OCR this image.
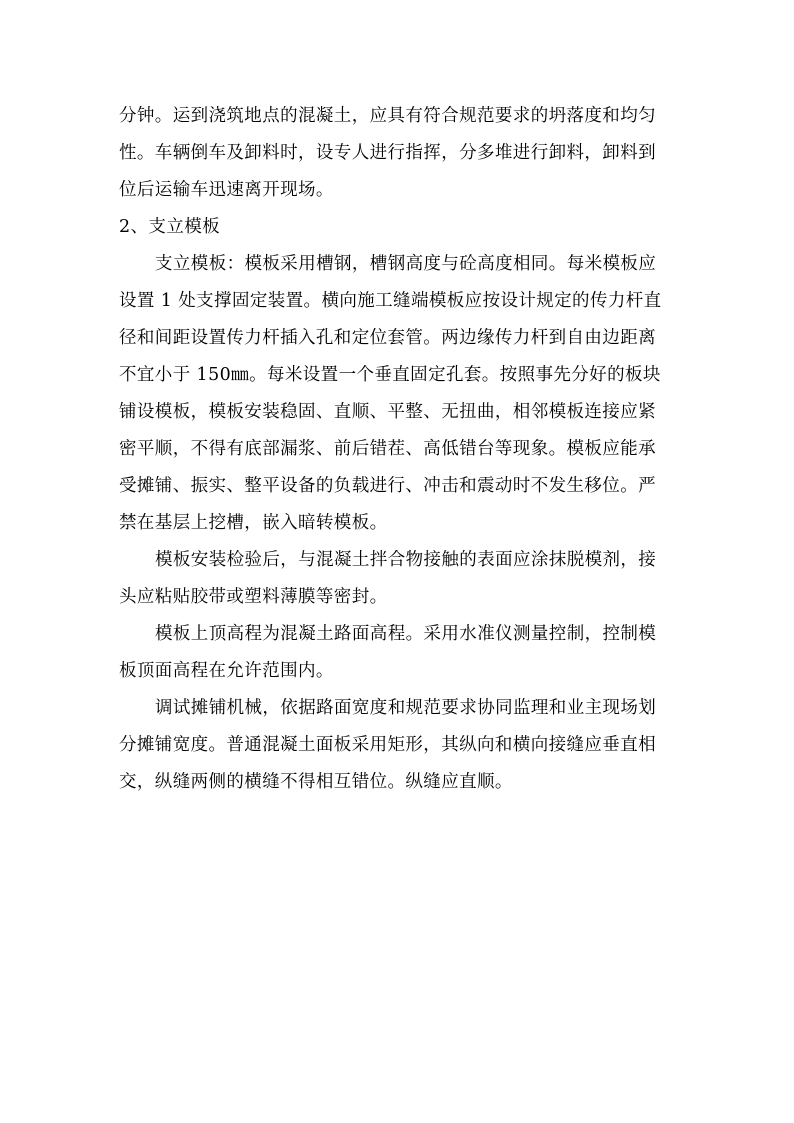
分钟。运到浇筑地点的混凝土，应具有符合规范要求的坍落度和均匀
性。车辆倒车及卸料时，设专人进行指挥，分多堆进行卸料，卸料到
位后运输车迅速离开现场。
2、支立模板
支立模板：模板采用槽钢，槽钢高度与砼高度相同。每米模板应
设置 1 处支撑固定装置。横向施工缝端模板应按设计规定的传力杆直
径和间距设置传力杆插入孔和定位套管。两边缘传力杆到自由边距离
不宜小于 150㎜。每米设置一个垂直固定孔套。按照事先分好的板块
铺设模板，模板安装稳固、直顺、平整、无扭曲，相邻模板连接应紧
密平顺，不得有底部漏浆、前后错茬、高低错台等现象。模板应能承
受摊铺、振实、整平设备的负载进行、冲击和震动时不发生移位。严
禁在基层上挖槽，嵌入暗转模板。
模板安装检验后，与混凝土拌合物接触的表面应涂抹脱模剂，接
头应粘贴胶带或塑料薄膜等密封。
模板上顶高程为混凝土路面高程。采用水准仪测量控制，控制模
板顶面高程在允许范围内。
调试摊铺机械，依据路面宽度和规范要求协同监理和业主现场划
分摊铺宽度。普通混凝土面板采用矩形，其纵向和横向接缝应垂直相
交，纵缝两侧的横缝不得相互错位。纵缝应直顺。
